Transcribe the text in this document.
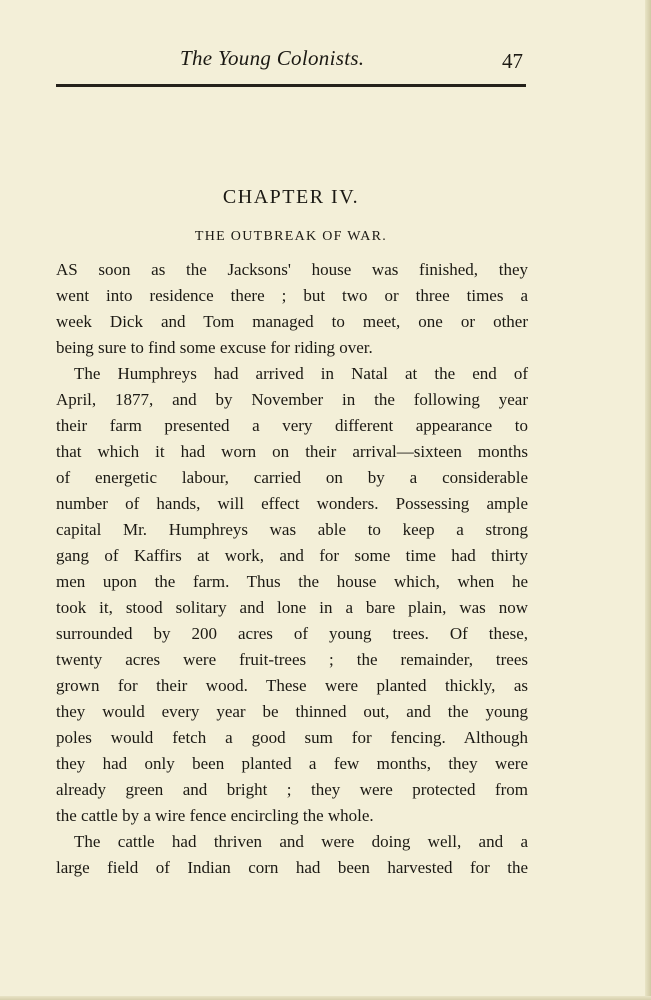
The Young Colonists.	47
CHAPTER IV.
THE OUTBREAK OF WAR.
AS soon as the Jacksons' house was finished, they
went into residence there ; but two or three times a
week Dick and Tom managed to meet, one or other
being sure to find some excuse for riding over.
The Humphreys had arrived in Natal at the end of
April, 1877, and by November in the following year
their farm presented a very different appearance to
that which it had worn on their arrival—sixteen months
of energetic labour, carried on by a considerable
number of hands, will effect wonders. Possessing ample
capital Mr. Humphreys was able to keep a strong
gang of Kaffirs at work, and for some time had thirty
men upon the farm. Thus the house which, when he
took it, stood solitary and lone in a bare plain, was now
surrounded by 200 acres of young trees. Of these,
twenty acres were fruit-trees ; the remainder, trees
grown for their wood. These were planted thickly, as
they would every year be thinned out, and the young
poles would fetch a good sum for fencing. Although
they had only been planted a few months, they were
already green and bright ; they were protected from
the cattle by a wire fence encircling the whole.
The cattle had thriven and were doing well, and a
large field of Indian corn had been harvested for the
